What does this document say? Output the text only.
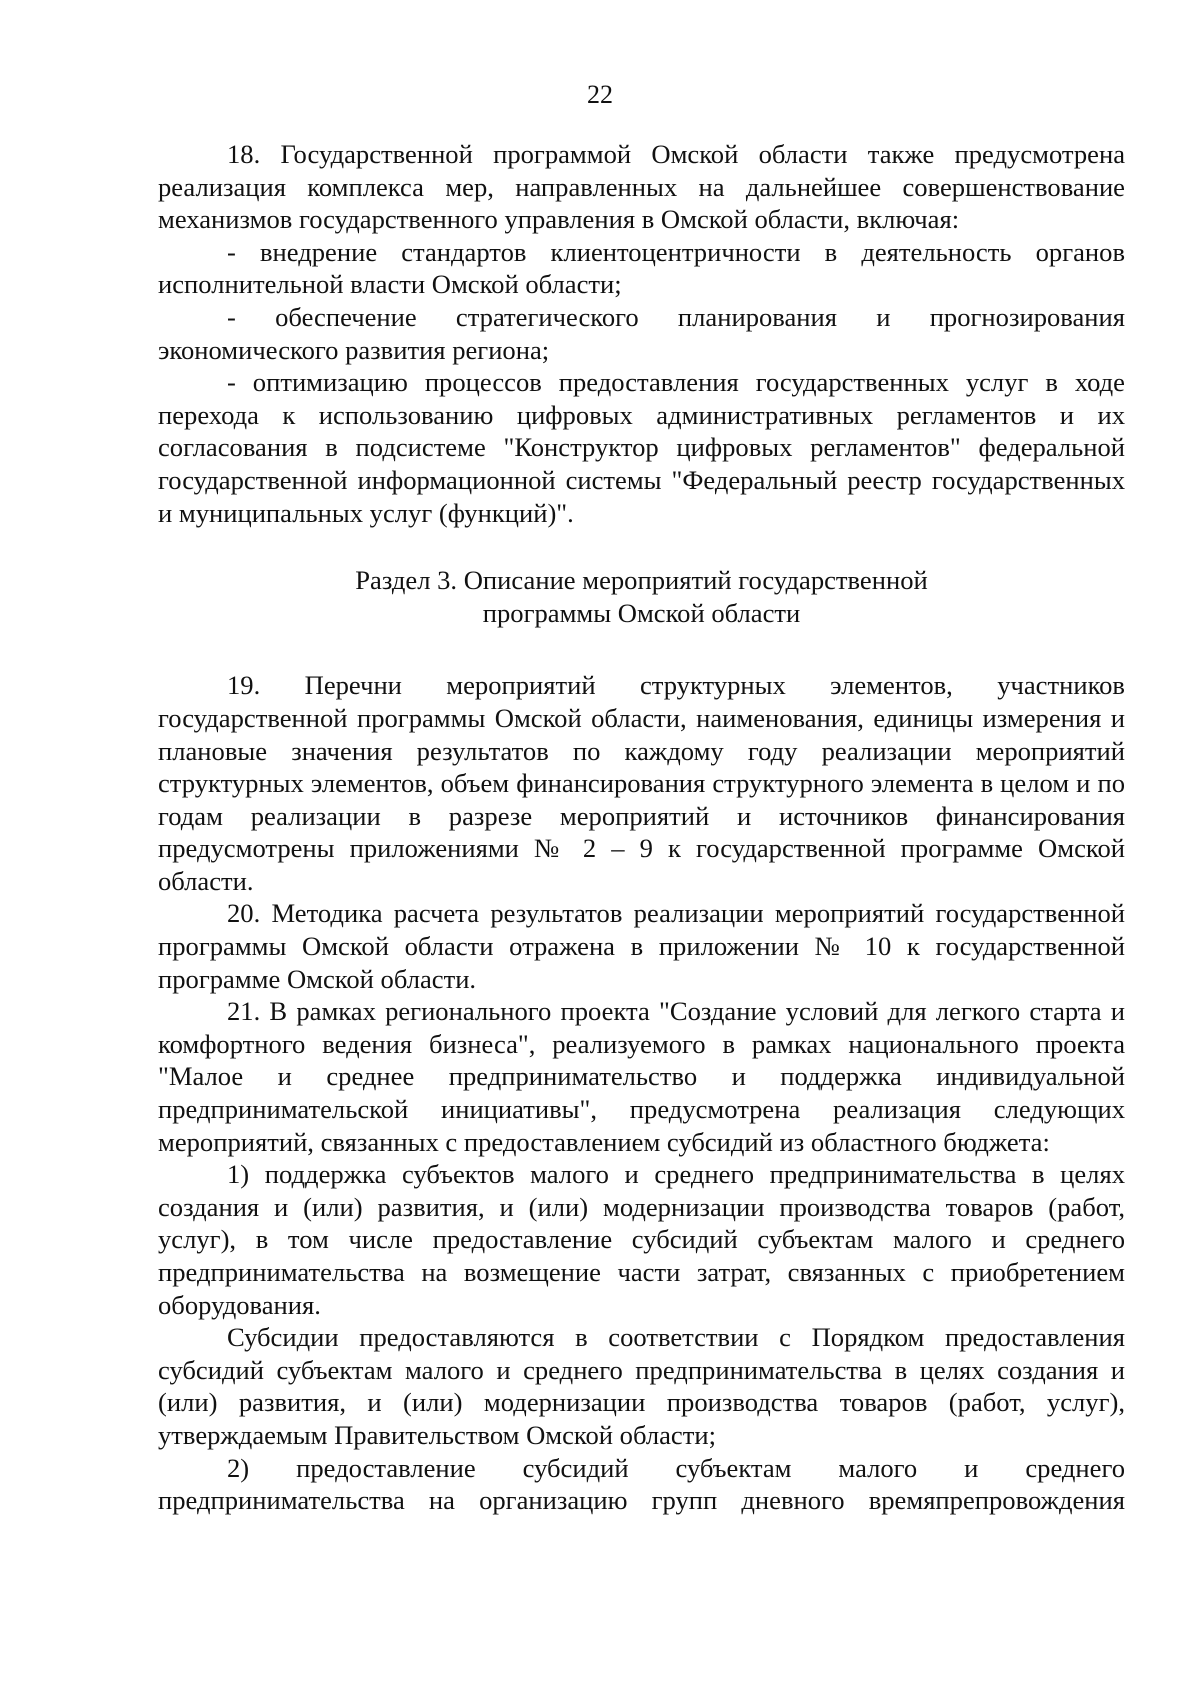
22

18. Государственной программой Омской области также предусмотрена реализация комплекса мер, направленных на дальнейшее совершенствование механизмов государственного управления в Омской области, включая:

- внедрение стандартов клиентоцентричности в деятельность органов исполнительной власти Омской области;

- обеспечение стратегического планирования и прогнозирования экономического развития региона;

- оптимизацию процессов предоставления государственных услуг в ходе перехода к использованию цифровых административных регламентов и их согласования в подсистеме "Конструктор цифровых регламентов" федеральной государственной информационной системы "Федеральный реестр государственных и муниципальных услуг (функций)".

Раздел 3. Описание мероприятий государственной
программы Омской области

19. Перечни мероприятий структурных элементов, участников государственной программы Омской области, наименования, единицы измерения и плановые значения результатов по каждому году реализации мероприятий структурных элементов, объем финансирования структурного элемента в целом и по годам реализации в разрезе мероприятий и источников финансирования предусмотрены приложениями № 2 – 9 к государственной программе Омской области.

20. Методика расчета результатов реализации мероприятий государственной программы Омской области отражена в приложении № 10 к государственной программе Омской области.

21. В рамках регионального проекта "Создание условий для легкого старта и комфортного ведения бизнеса", реализуемого в рамках национального проекта "Малое и среднее предпринимательство и поддержка индивидуальной предпринимательской инициативы", предусмотрена реализация следующих мероприятий, связанных с предоставлением субсидий из областного бюджета:

1) поддержка субъектов малого и среднего предпринимательства в целях создания и (или) развития, и (или) модернизации производства товаров (работ, услуг), в том числе предоставление субсидий субъектам малого и среднего предпринимательства на возмещение части затрат, связанных с приобретением оборудования.

Субсидии предоставляются в соответствии с Порядком предоставления субсидий субъектам малого и среднего предпринимательства в целях создания и (или) развития, и (или) модернизации производства товаров (работ, услуг), утверждаемым Правительством Омской области;

2) предоставление субсидий субъектам малого и среднего предпринимательства на организацию групп дневного времяпрепровождения
